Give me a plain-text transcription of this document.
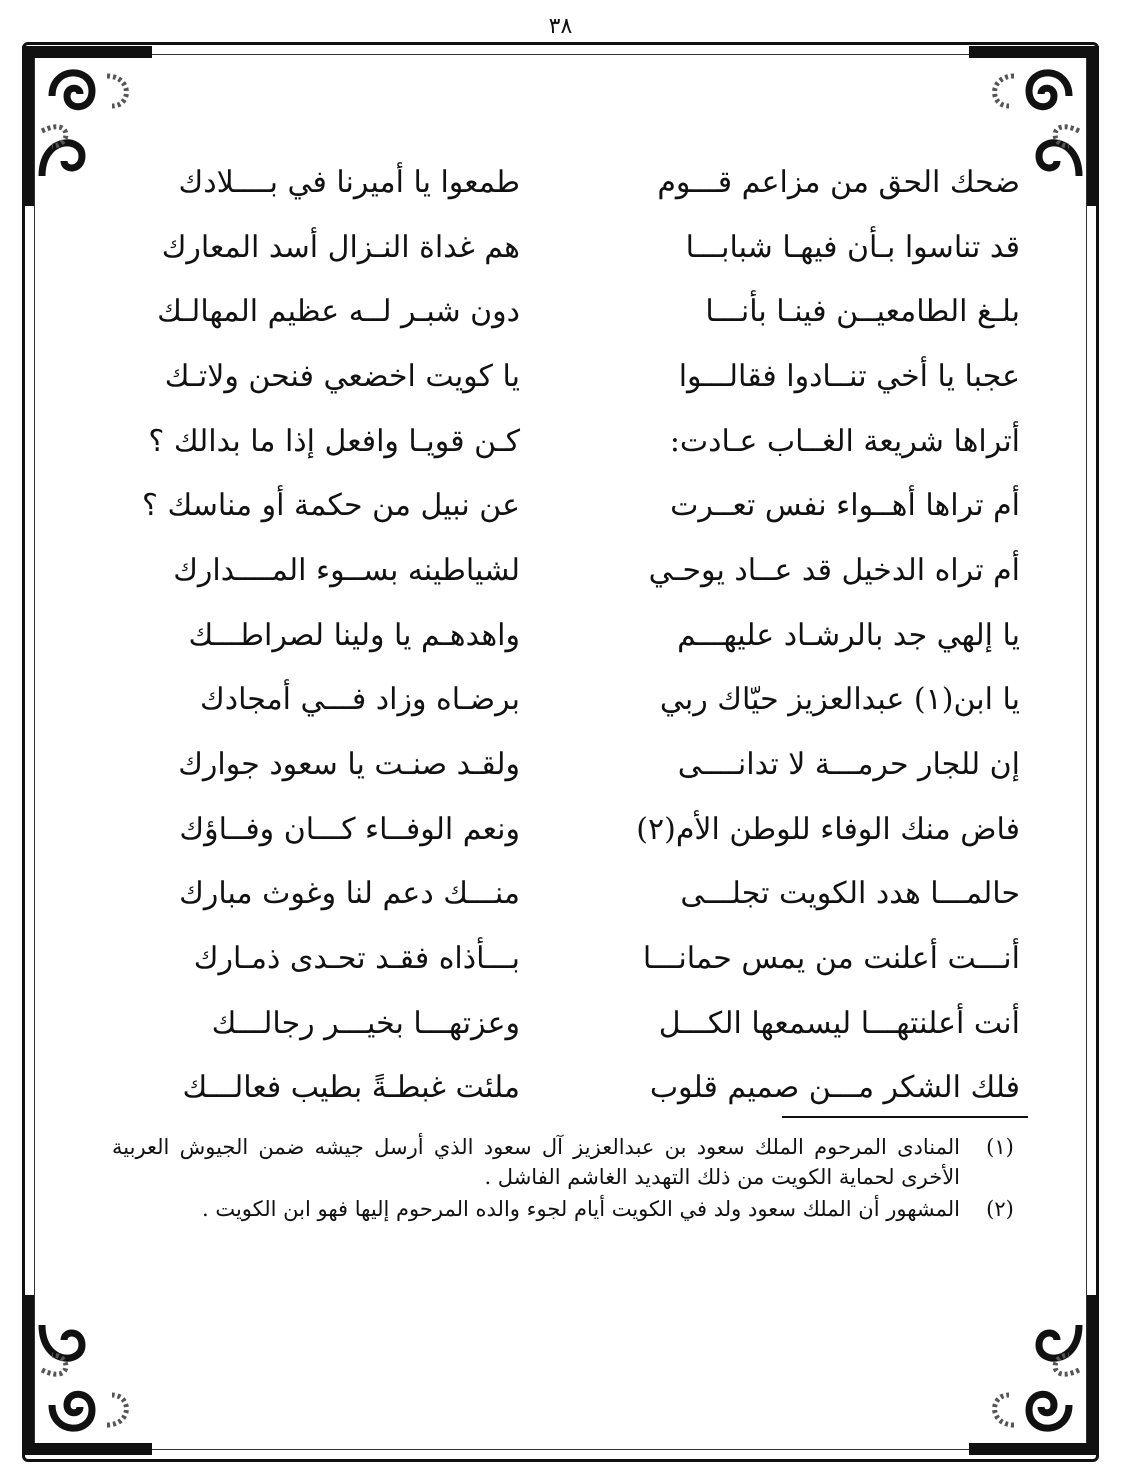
٣٨
ضحك الحق من مزاعم قـــوم
طمعوا يا أميرنا في بــــلادك
قد تناسوا بـأن فيهـا شبابـــا
هم غداة النـزال أسد المعارك
بلـغ الطامعيــن فينـا بأنـــا
دون شبـر لــه عظيم المهالـك
عجبا يا أخي تنــادوا فقالـــوا
يا كويت اخضعي فنحن ولاتـك
أتراها شريعة الغــاب عـادت:
كـن قويـا وافعل إذا ما بدالك ؟
أم تراها أهــواء نفس تعــرت
عن نبيل من حكمة أو مناسك ؟
أم تراه الدخيل قد عــاد يوحـي
لشياطينه بســوء المــــدارك
يا إلهي جد بالرشـاد عليهـــم
واهدهـم يا ولينا لصراطـــك
يا ابن(١) عبدالعزيز حيّاك ربي
برضـاه وزاد فـــي أمجادك
إن للجار حرمـــة لا تدانــــى
ولقـد صنـت يا سعود جوارك
فاض منك الوفاء للوطن الأم(٢)
ونعم الوفــاء كـــان وفــاؤك
حالمـــا هدد الكويت تجلـــى
منـــك دعم لنا وغوث مبارك
أنـــت أعلنت من يمس حمانـــا
بـــأذاه فقـد تحـدى ذمـارك
أنت أعلنتهـــا ليسمعها الكـــل
وعزتهـــا بخيـــر رجالـــك
فلك الشكر مـــن صميم قلوب
ملئت غبطـةً بطيب فعالـــك
(١)
المنادى المرحوم الملك سعود بن عبدالعزيز آل سعود الذي أرسل جيشه ضمن الجيوش العربية الأخرى لحماية الكويت من ذلك التهديد الغاشم الفاشل .
(٢)
المشهور أن الملك سعود ولد في الكويت أيام لجوء والده المرحوم إليها فهو ابن الكويت .
